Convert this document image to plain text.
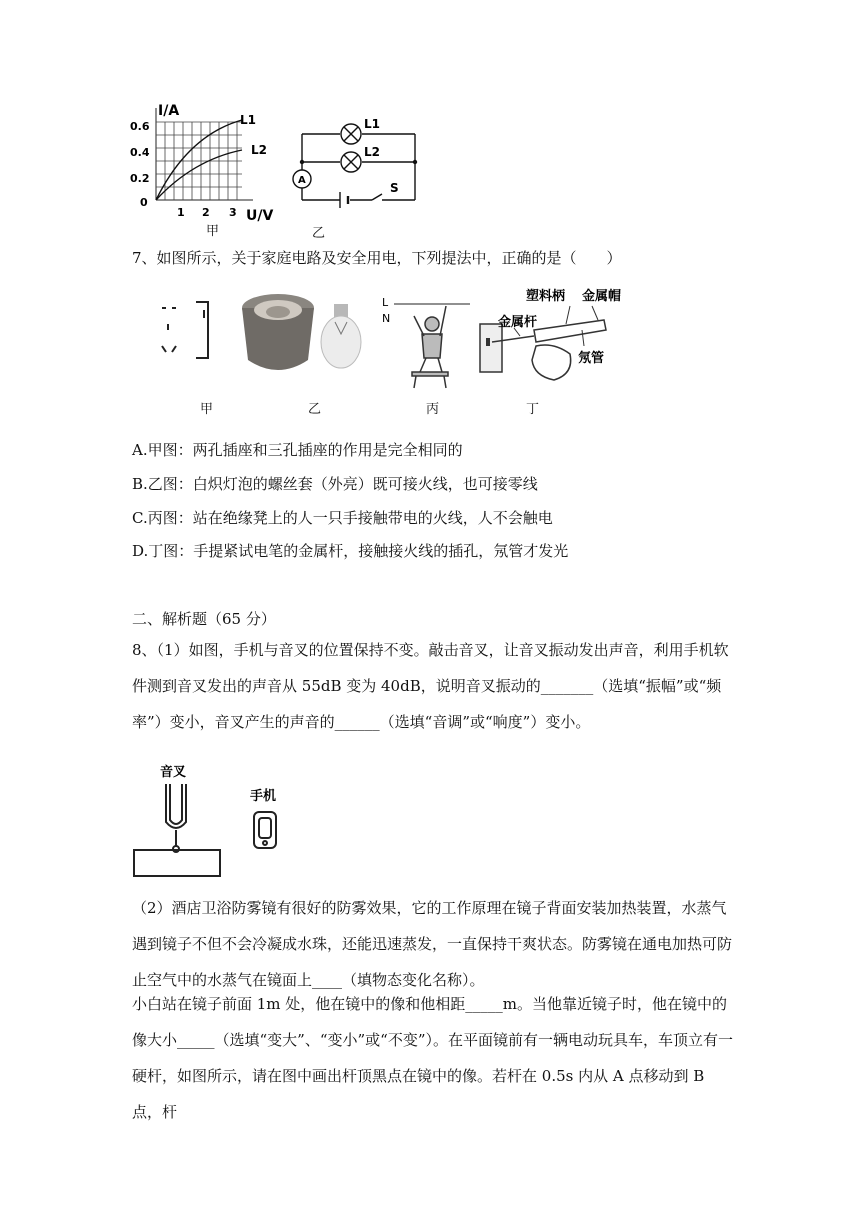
I/A
U/V
0.6
0.4
0.2
0
1 2 3
L1
L2
甲
L1
L2
A
S
乙
7、如图所示，关于家庭电路及安全用电，下列提法中，正确的是（　　）
L
N
塑料柄 金属帽
金属杆
氖管
甲	乙	丙	丁
A.甲图：两孔插座和三孔插座的作用是完全相同的
B.乙图：白炽灯泡的螺丝套（外亮）既可接火线，也可接零线
C.丙图：站在绝缘凳上的人一只手接触带电的火线，人不会触电
D.丁图：手提紧试电笔的金属杆，接触接火线的插孔，氖管才发光
二、解析题（65 分）
8、（1）如图，手机与音叉的位置保持不变。敲击音叉，让音叉振动发出声音，利用手机软件测到音叉发出的声音从 55dB 变为 40dB，说明音叉振动的_______（选填“振幅”或“频率”）变小，音叉产生的声音的______（选填“音调”或“响度”）变小。
音叉
手机
（2）酒店卫浴防雾镜有很好的防雾效果，它的工作原理在镜子背面安装加热装置，水蒸气遇到镜子不但不会冷凝成水珠，还能迅速蒸发，一直保持干爽状态。防雾镜在通电加热可防止空气中的水蒸气在镜面上____（填物态变化名称）。
小白站在镜子前面 1m 处，他在镜中的像和他相距_____m。当他靠近镜子时，他在镜中的像大小_____（选填“变大”、“变小”或“不变”）。在平面镜前有一辆电动玩具车，车顶立有一硬杆，如图所示，请在图中画出杆顶黑点在镜中的像。若杆在 0.5s 内从 A 点移动到 B 点，杆
